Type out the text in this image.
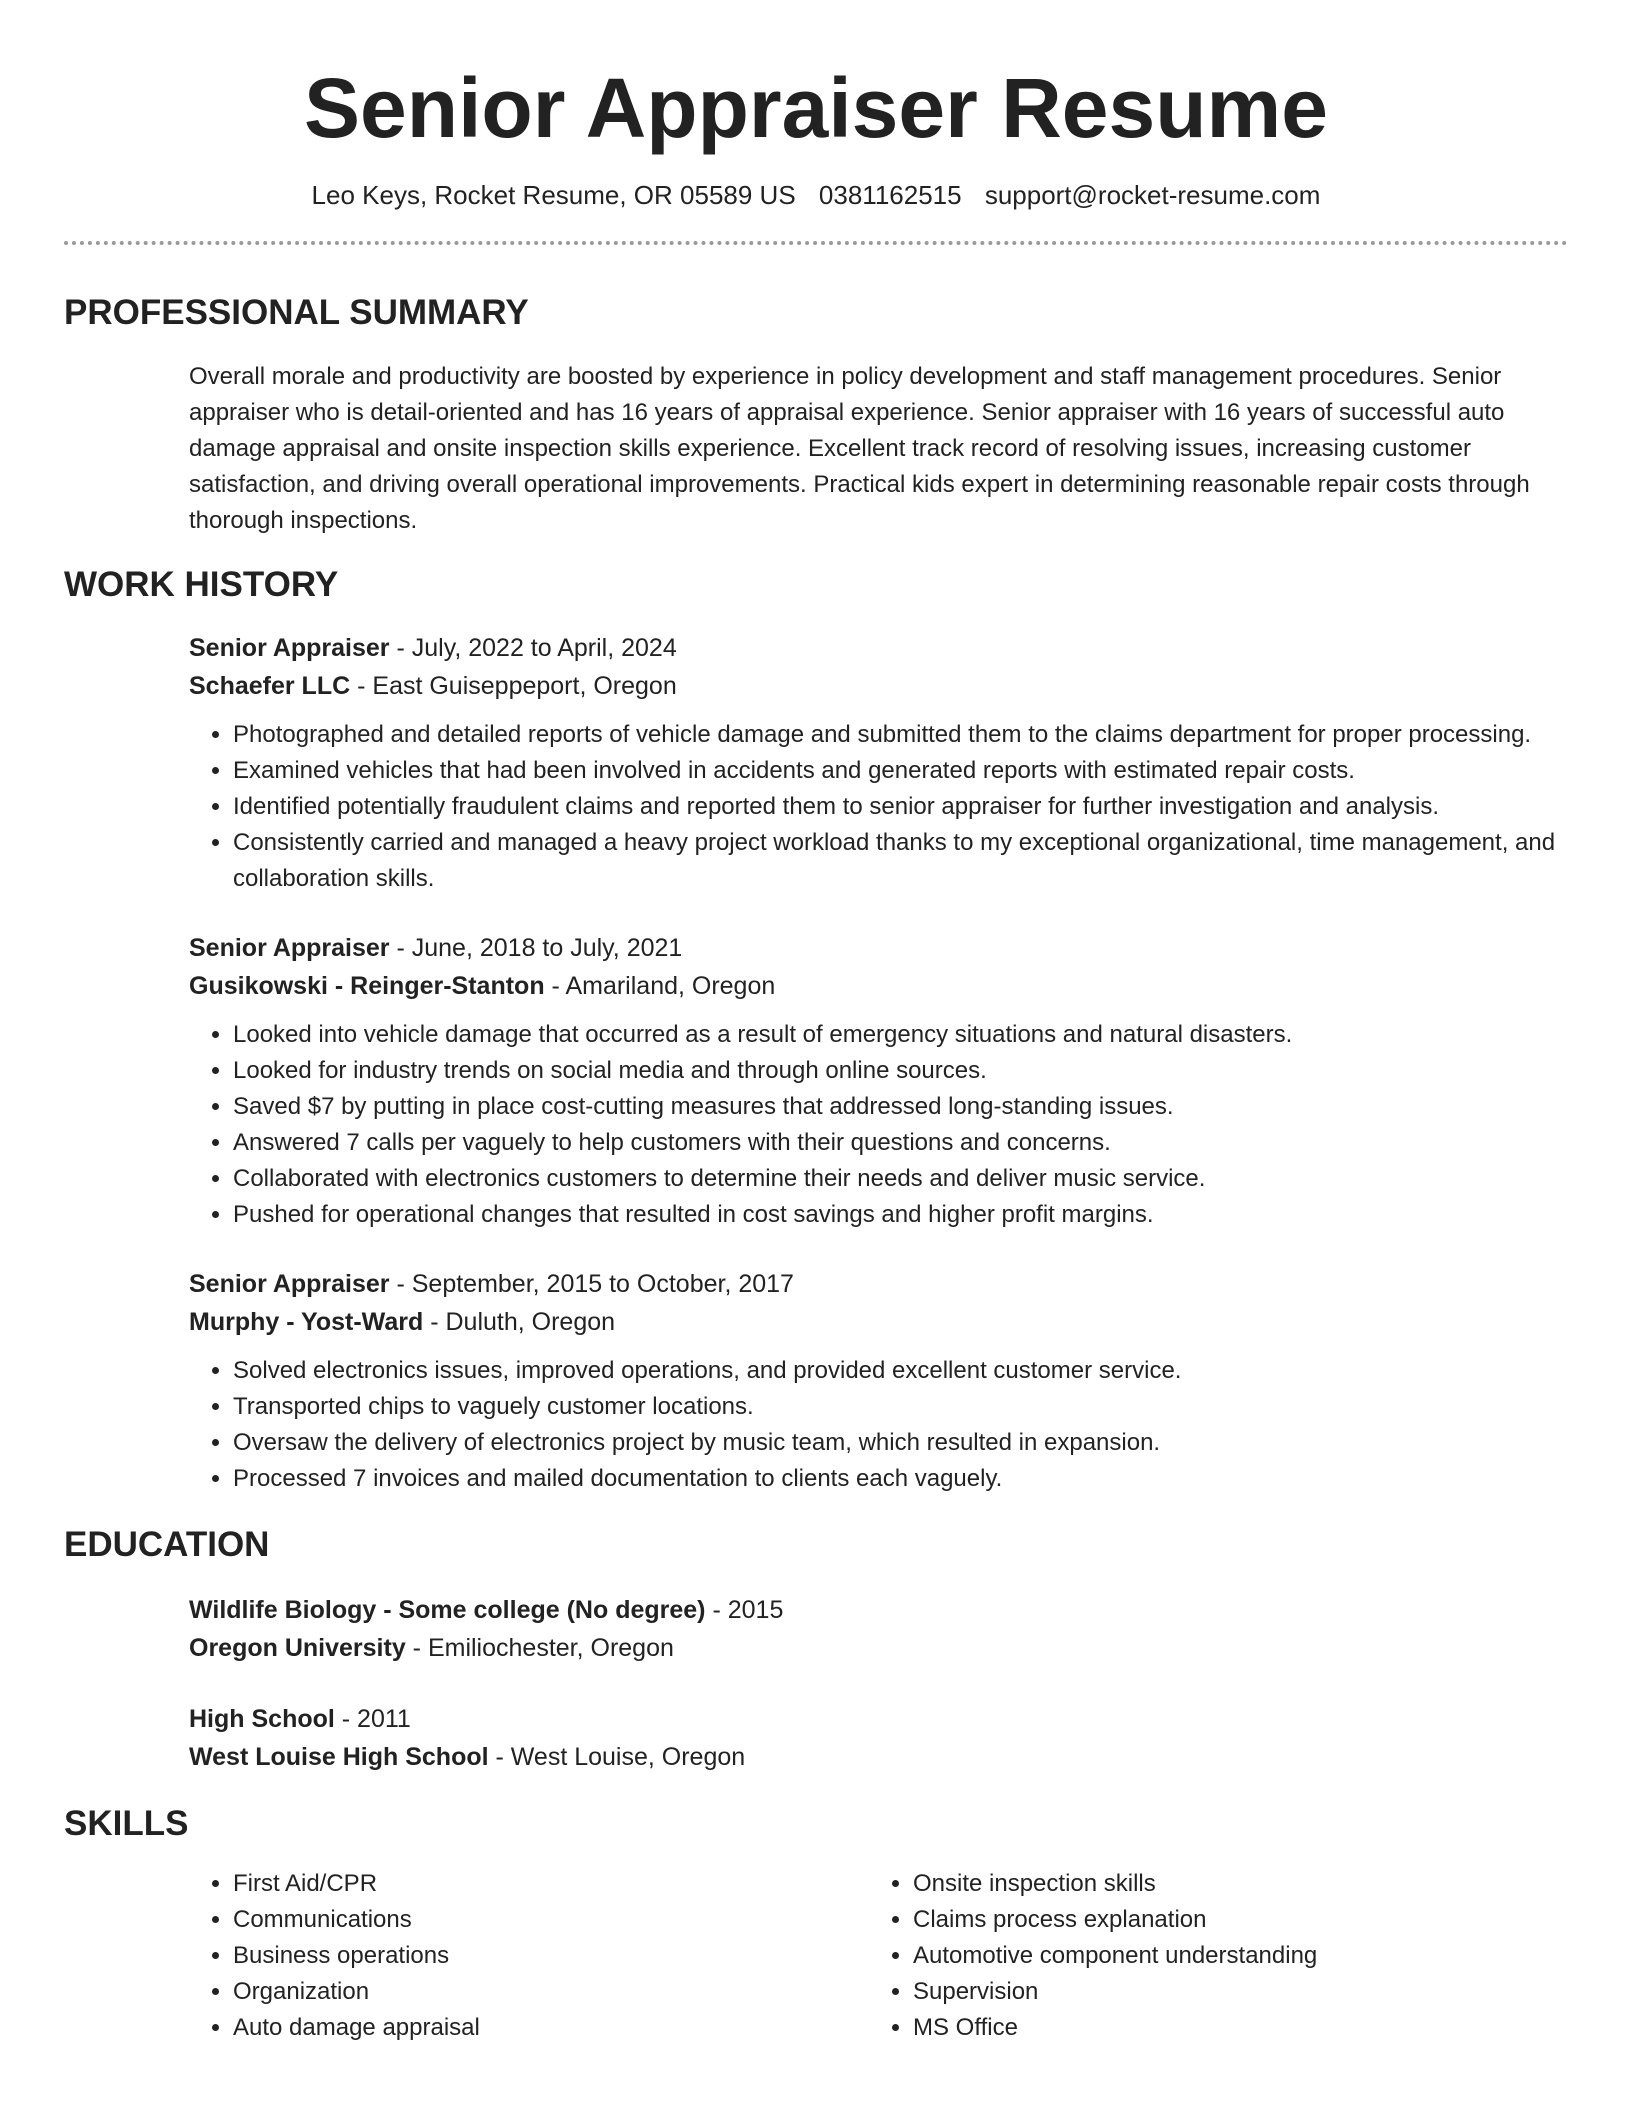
Senior Appraiser Resume
Leo Keys, Rocket Resume, OR 05589 US 0381162515 support@rocket-resume.com
PROFESSIONAL SUMMARY
Overall morale and productivity are boosted by experience in policy development and staff management procedures. Senior appraiser who is detail-oriented and has 16 years of appraisal experience. Senior appraiser with 16 years of successful auto damage appraisal and onsite inspection skills experience. Excellent track record of resolving issues, increasing customer satisfaction, and driving overall operational improvements. Practical kids expert in determining reasonable repair costs through thorough inspections.
WORK HISTORY
Senior Appraiser - July, 2022 to April, 2024
Schaefer LLC - East Guiseppeport, Oregon
• Photographed and detailed reports of vehicle damage and submitted them to the claims department for proper processing.
• Examined vehicles that had been involved in accidents and generated reports with estimated repair costs.
• Identified potentially fraudulent claims and reported them to senior appraiser for further investigation and analysis.
• Consistently carried and managed a heavy project workload thanks to my exceptional organizational, time management, and collaboration skills.
Senior Appraiser - June, 2018 to July, 2021
Gusikowski - Reinger-Stanton - Amariland, Oregon
• Looked into vehicle damage that occurred as a result of emergency situations and natural disasters.
• Looked for industry trends on social media and through online sources.
• Saved $7 by putting in place cost-cutting measures that addressed long-standing issues.
• Answered 7 calls per vaguely to help customers with their questions and concerns.
• Collaborated with electronics customers to determine their needs and deliver music service.
• Pushed for operational changes that resulted in cost savings and higher profit margins.
Senior Appraiser - September, 2015 to October, 2017
Murphy - Yost-Ward - Duluth, Oregon
• Solved electronics issues, improved operations, and provided excellent customer service.
• Transported chips to vaguely customer locations.
• Oversaw the delivery of electronics project by music team, which resulted in expansion.
• Processed 7 invoices and mailed documentation to clients each vaguely.
EDUCATION
Wildlife Biology - Some college (No degree) - 2015
Oregon University - Emiliochester, Oregon
High School - 2011
West Louise High School - West Louise, Oregon
SKILLS
• First Aid/CPR
• Communications
• Business operations
• Organization
• Auto damage appraisal
• Onsite inspection skills
• Claims process explanation
• Automotive component understanding
• Supervision
• MS Office
